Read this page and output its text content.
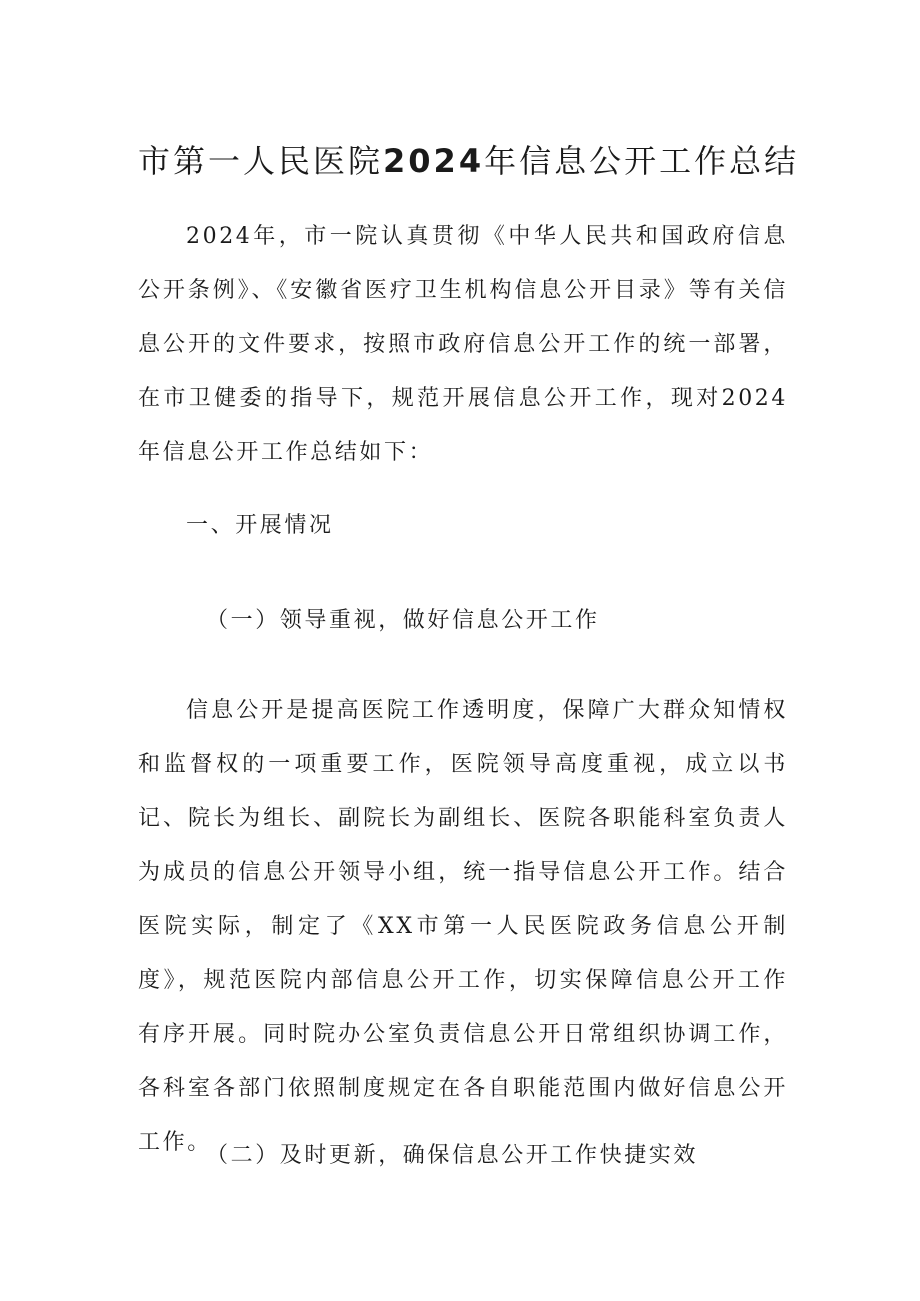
市第一人民医院2024年信息公开工作总结

2024年，市一院认真贯彻《中华人民共和国政府信息公开条例》、《安徽省医疗卫生机构信息公开目录》等有关信息公开的文件要求，按照市政府信息公开工作的统一部署，在市卫健委的指导下，规范开展信息公开工作，现对2024年信息公开工作总结如下：

一、开展情况
（一）领导重视，做好信息公开工作

信息公开是提高医院工作透明度，保障广大群众知情权和监督权的一项重要工作，医院领导高度重视，成立以书记、院长为组长、副院长为副组长、医院各职能科室负责人为成员的信息公开领导小组，统一指导信息公开工作。结合医院实际，制定了《XX市第一人民医院政务信息公开制度》，规范医院内部信息公开工作，切实保障信息公开工作有序开展。同时院办公室负责信息公开日常组织协调工作，各科室各部门依照制度规定在各自职能范围内做好信息公开工作。

（二）及时更新，确保信息公开工作快捷实效
